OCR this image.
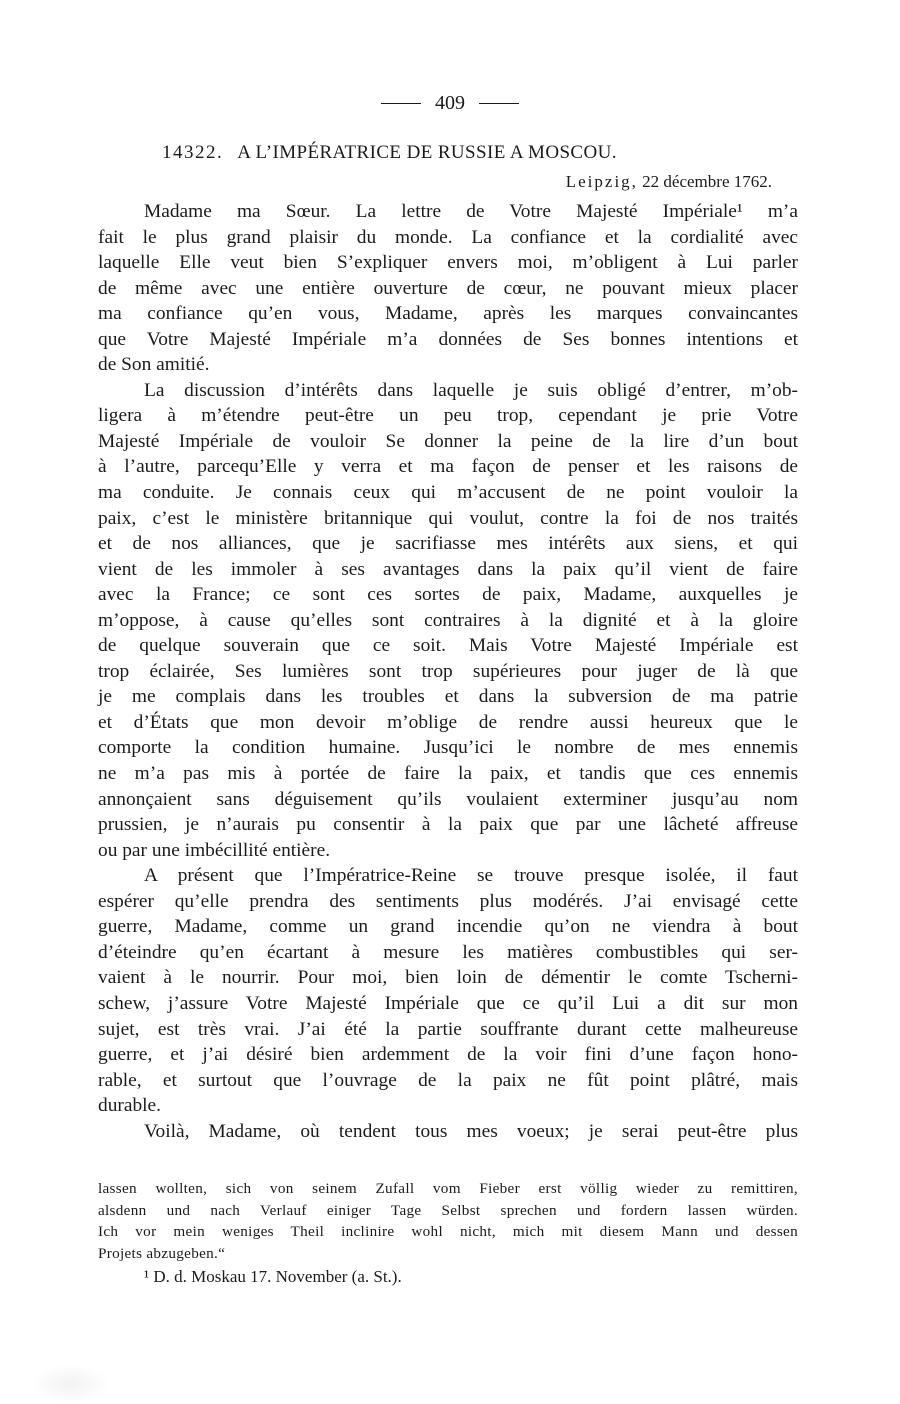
409
14322. A L’IMPÉRATRICE DE RUSSIE A MOSCOU.
Leipzig, 22 décembre 1762.
Madame ma Sœur. La lettre de Votre Majesté Impériale¹ m’a
fait le plus grand plaisir du monde. La confiance et la cordialité avec
laquelle Elle veut bien S’expliquer envers moi, m’obligent à Lui parler
de même avec une entière ouverture de cœur, ne pouvant mieux placer
ma confiance qu’en vous, Madame, après les marques convaincantes
que Votre Majesté Impériale m’a données de Ses bonnes intentions et
de Son amitié.
La discussion d’intérêts dans laquelle je suis obligé d’entrer, m’ob-
ligera à m’étendre peut-être un peu trop, cependant je prie Votre
Majesté Impériale de vouloir Se donner la peine de la lire d’un bout
à l’autre, parcequ’Elle y verra et ma façon de penser et les raisons de
ma conduite. Je connais ceux qui m’accusent de ne point vouloir la
paix, c’est le ministère britannique qui voulut, contre la foi de nos traités
et de nos alliances, que je sacrifiasse mes intérêts aux siens, et qui
vient de les immoler à ses avantages dans la paix qu’il vient de faire
avec la France; ce sont ces sortes de paix, Madame, auxquelles je
m’oppose, à cause qu’elles sont contraires à la dignité et à la gloire
de quelque souverain que ce soit. Mais Votre Majesté Impériale est
trop éclairée, Ses lumières sont trop supérieures pour juger de là que
je me complais dans les troubles et dans la subversion de ma patrie
et d’États que mon devoir m’oblige de rendre aussi heureux que le
comporte la condition humaine. Jusqu’ici le nombre de mes ennemis
ne m’a pas mis à portée de faire la paix, et tandis que ces ennemis
annonçaient sans déguisement qu’ils voulaient exterminer jusqu’au nom
prussien, je n’aurais pu consentir à la paix que par une lâcheté affreuse
ou par une imbécillité entière.
A présent que l’Impératrice-Reine se trouve presque isolée, il faut
espérer qu’elle prendra des sentiments plus modérés. J’ai envisagé cette
guerre, Madame, comme un grand incendie qu’on ne viendra à bout
d’éteindre qu’en écartant à mesure les matières combustibles qui ser-
vaient à le nourrir. Pour moi, bien loin de démentir le comte Tscherni-
schew, j’assure Votre Majesté Impériale que ce qu’il Lui a dit sur mon
sujet, est très vrai. J’ai été la partie souffrante durant cette malheureuse
guerre, et j’ai désiré bien ardemment de la voir fini d’une façon hono-
rable, et surtout que l’ouvrage de la paix ne fût point plâtré, mais
durable.
Voilà, Madame, où tendent tous mes voeux; je serai peut-être plus
lassen wollten, sich von seinem Zufall vom Fieber erst völlig wieder zu remittiren,
alsdenn und nach Verlauf einiger Tage Selbst sprechen und fordern lassen würden.
Ich vor mein weniges Theil inclinire wohl nicht, mich mit diesem Mann und dessen
Projets abzugeben.“
¹ D. d. Moskau 17. November (a. St.).
